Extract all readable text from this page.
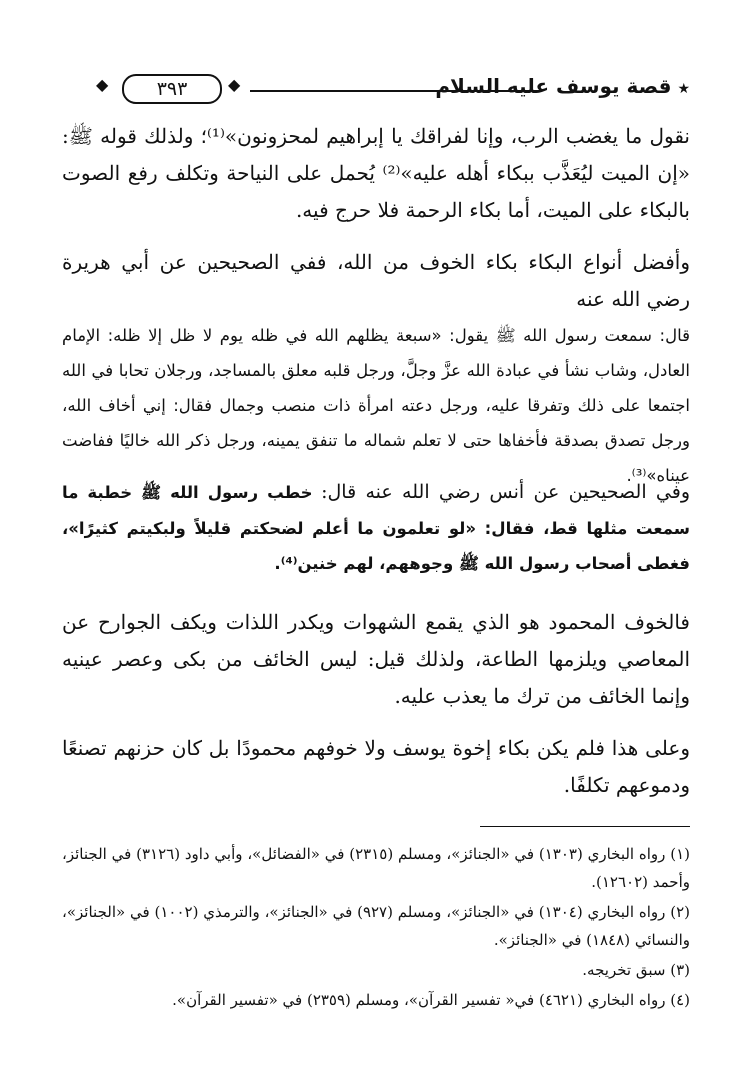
★قصة يوسف عليه السلام
◆	◆
٣٩٣

نقول ما يغضب الرب، وإنا لفراقك يا إبراهيم لمحزونون»⁽¹⁾؛ ولذلك قوله ﷺ: «إن الميت ليُعَذَّب ببكاء أهله عليه»⁽²⁾ يُحمل على النياحة وتكلف رفع الصوت بالبكاء على الميت، أما بكاء الرحمة فلا حرج فيه.

وأفضل أنواع البكاء بكاء الخوف من الله، ففي الصحيحين عن أبي هريرة رضي الله عنه

قال: سمعت رسول الله ﷺ يقول: «سبعة يظلهم الله في ظله يوم لا ظل إلا ظله: الإمام العادل، وشاب نشأ في عبادة الله عزَّ وجلَّ، ورجل قلبه معلق بالمساجد، ورجلان تحابا في الله اجتمعا على ذلك وتفرقا عليه، ورجل دعته امرأة ذات منصب وجمال فقال: إني أخاف الله، ورجل تصدق بصدقة فأخفاها حتى لا تعلم شماله ما تنفق يمينه، ورجل ذكر الله خاليًا ففاضت عيناه»⁽³⁾.

وفي الصحيحين عن أنس رضي الله عنه قال: خطب رسول الله ﷺ خطبة ما سمعت مثلها قط، فقال: «لو تعلمون ما أعلم لضحكتم قليلاً ولبكيتم كثيرًا»، فغطى أصحاب رسول الله ﷺ وجوههم، لهم خنين⁽⁴⁾.

فالخوف المحمود هو الذي يقمع الشهوات ويكدر اللذات ويكف الجوارح عن المعاصي ويلزمها الطاعة، ولذلك قيل: ليس الخائف من بكى وعصر عينيه وإنما الخائف من ترك ما يعذب عليه.

وعلى هذا فلم يكن بكاء إخوة يوسف ولا خوفهم محمودًا بل كان حزنهم تصنعًا ودموعهم تكلفًا.

(١) رواه البخاري (١٣٠٣) في «الجنائز»، ومسلم (٢٣١٥) في «الفضائل»، وأبي داود (٣١٢٦) في الجنائز، وأحمد (١٢٦٠٢).

(٢) رواه البخاري (١٣٠٤) في «الجنائز»، ومسلم (٩٢٧) في «الجنائز»، والترمذي (١٠٠٢) في «الجنائز»، والنسائي (١٨٤٨) في «الجنائز».

(٣) سبق تخريجه.

(٤) رواه البخاري (٤٦٢١) في« تفسير القرآن»، ومسلم (٢٣٥٩) في «تفسير القرآن».
